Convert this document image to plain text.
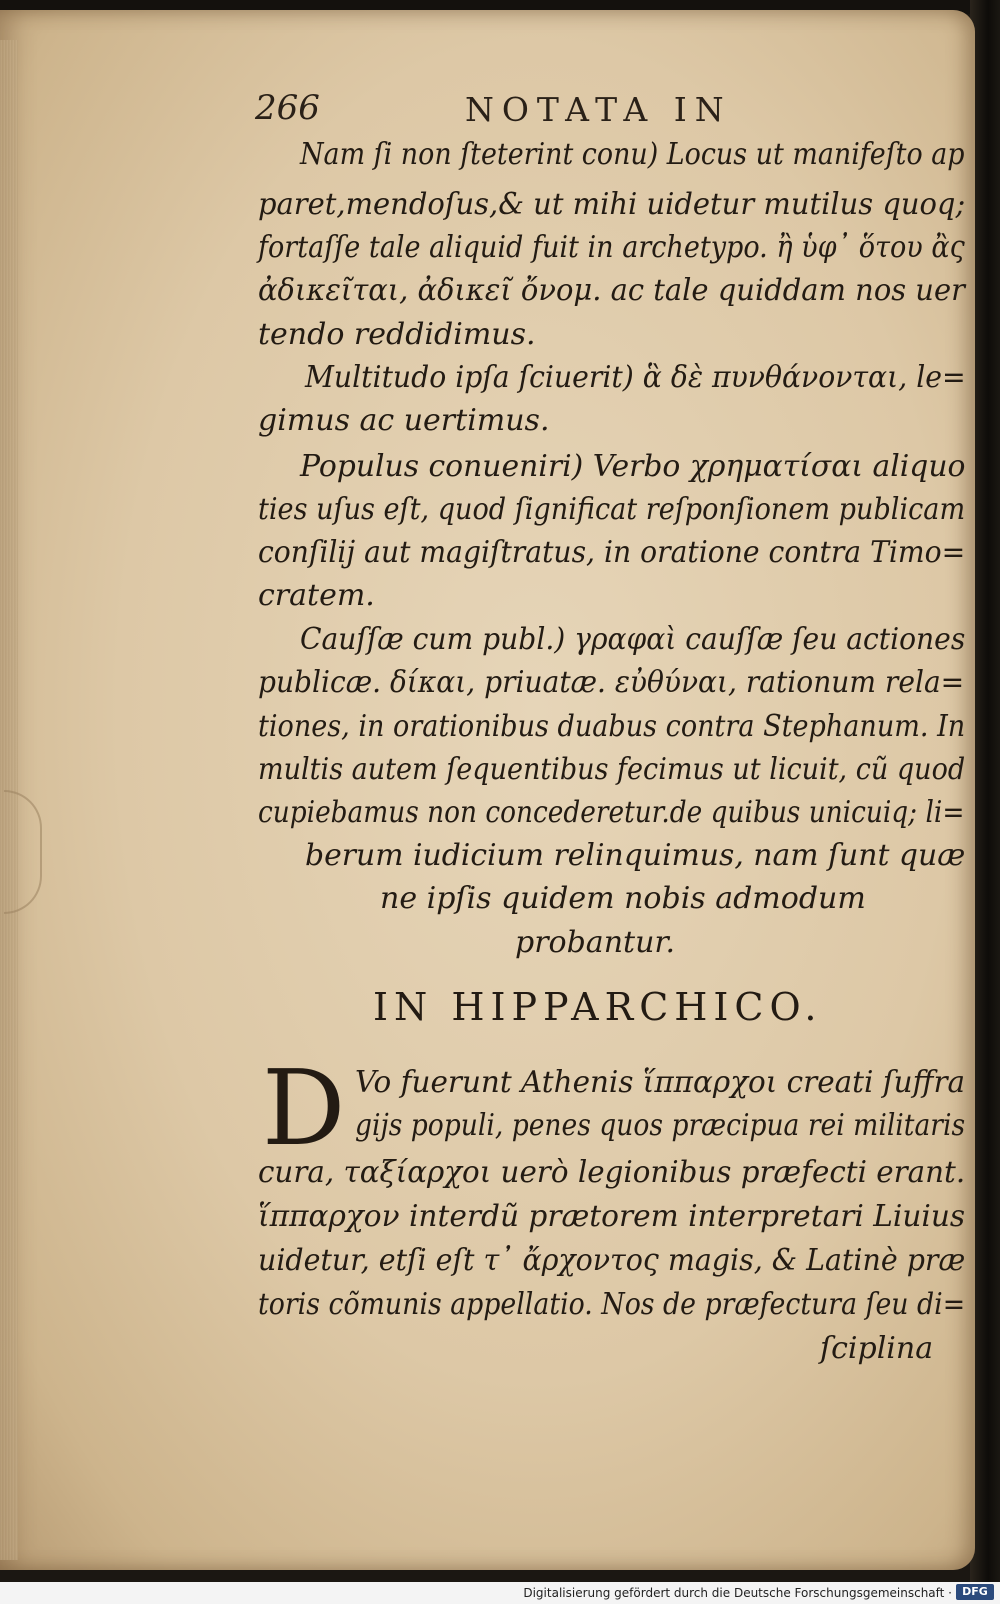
266	NOTATA IN
Nam ſi non ſteterint conu) Locus ut manifeſto ap
paret,mendoſus,& ut mihi uidetur mutilus quoq;
fortaſſe tale aliquid fuit in archetypo. ἢ ὑφ᾿ ὅτου ἂς
ἀδικεῖται, ἀδικεῖ ὄνομ. ac tale quiddam nos uer
tendo reddidimus.
Multitudo ipſa ſciuerit) ἃ δὲ πυνθάνονται, le=
gimus ac uertimus.
Populus conueniri) Verbo χρηματίσαι aliquo
ties uſus eſt, quod ſignificat reſponſionem publicam
conſilij aut magiſtratus, in oratione contra Timo=
cratem.
Cauſſæ cum publ.) γραφαὶ cauſſæ ſeu actiones
publicæ. δίκαι, priuatæ. εὐθύναι, rationum rela=
tiones, in orationibus duabus contra Stephanum. In
multis autem ſequentibus fecimus ut licuit, cũ quod
cupiebamus non concederetur.de quibus unicuiq; li=
berum iudicium relinquimus, nam ſunt quæ
ne ipſis quidem nobis admodum
probantur.
IN HIPPARCHICO.
D Vo fuerunt Athenis ἵππαρχοι creati ſuffra
gijs populi, penes quos præcipua rei militaris
cura, ταξίαρχοι uerò legionibus præfecti erant.
ἵππαρχον interdũ prætorem interpretari Liuius
uidetur, etſi eſt τ᾿ ἄρχοντος magis, & Latinè præ
toris cõmunis appellatio. Nos de præfectura ſeu di=
ſciplina
Digitalisierung gefördert durch die Deutsche Forschungsgemeinschaft · DFG
